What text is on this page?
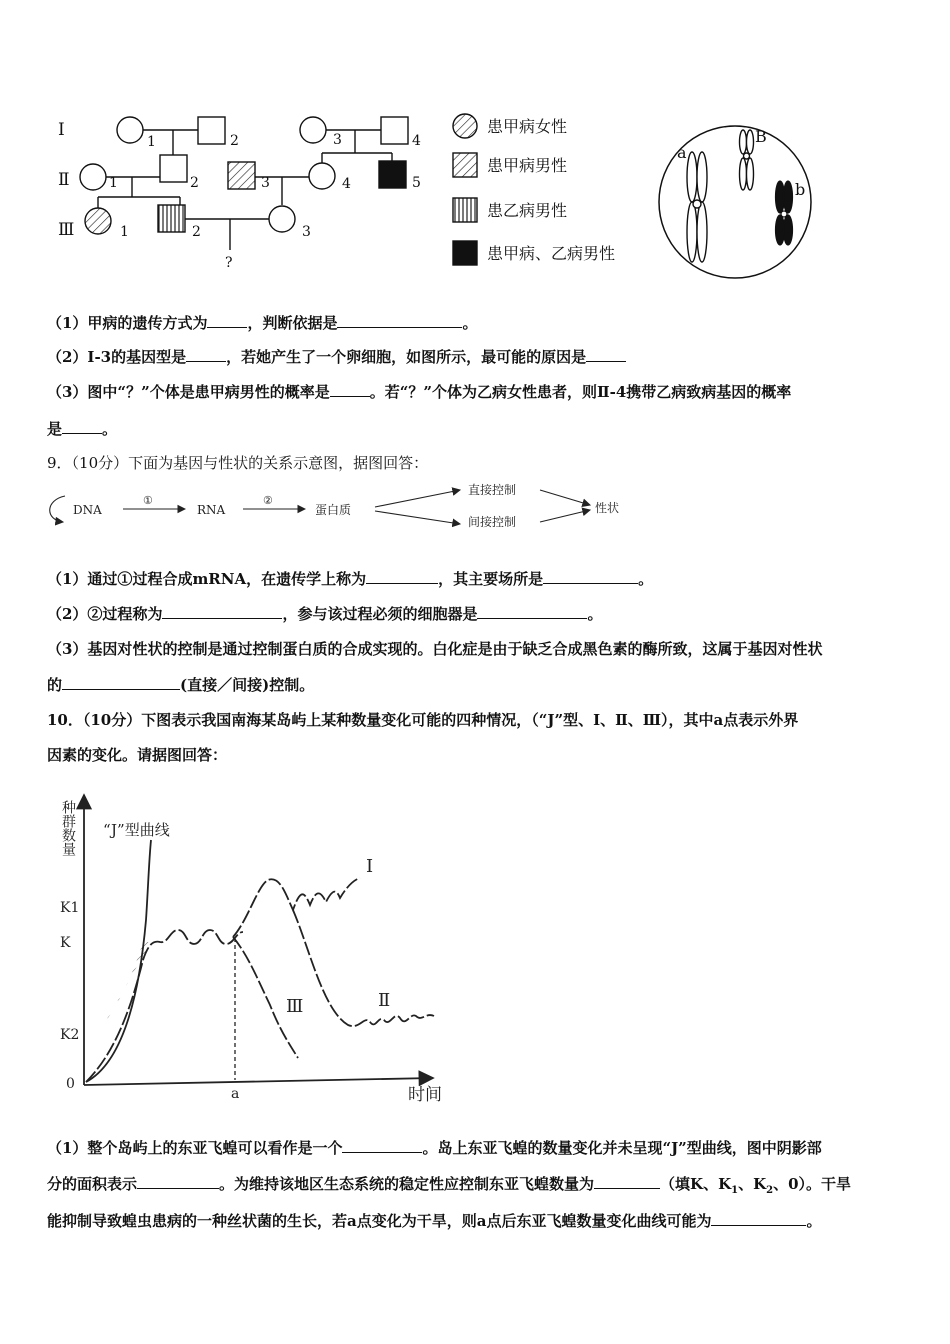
Ⅰ
Ⅱ
Ⅲ
1	2	3	4
1	2	3	4	5
1	2	3
?
患甲病女性
患甲病男性
患乙病男性
患甲病、乙病男性
a
B
b
（1）甲病的遗传方式为	，判断依据是	。
（2）Ⅰ-3的基因型是	，若她产生了一个卵细胞，如图所示，最可能的原因是
（3）图中“？”个体是患甲病男性的概率是	。若“？”个体为乙病女性患者，则Ⅱ-4携带乙病致病基因的概率
是	。
9．（10分）下面为基因与性状的关系示意图，据图回答：
DNA	RNA	蛋白质
①	②
直接控制
间接控制
性状
（1）通过①过程合成mRNA，在遗传学上称为	，其主要场所是	。
（2）②过程称为	，参与该过程必须的细胞器是	。
（3）基因对性状的控制是通过控制蛋白质的合成实现的。白化症是由于缺乏合成黑色素的酶所致，这属于基因对性状
的	(直接／间接)控制。
10．（10分）下图表示我国南海某岛屿上某种数量变化可能的四种情况，（“J”型、Ⅰ、Ⅱ、Ⅲ），其中a点表示外界
因素的变化。请据图回答：
种群数量 “J”型曲线
K1
K
K2
0
a	时间
Ⅰ
Ⅱ
Ⅲ
（1）整个岛屿上的东亚飞蝗可以看作是一个	。岛上东亚飞蝗的数量变化并未呈现“J”型曲线，图中阴影部
分的面积表示	。为维持该地区生态系统的稳定性应控制东亚飞蝗数量为	（填K、$K_1$、$K_2$、0）。干旱
能抑制导致蝗虫患病的一种丝状菌的生长，若a点变化为干旱，则a点后东亚飞蝗数量变化曲线可能为	。
